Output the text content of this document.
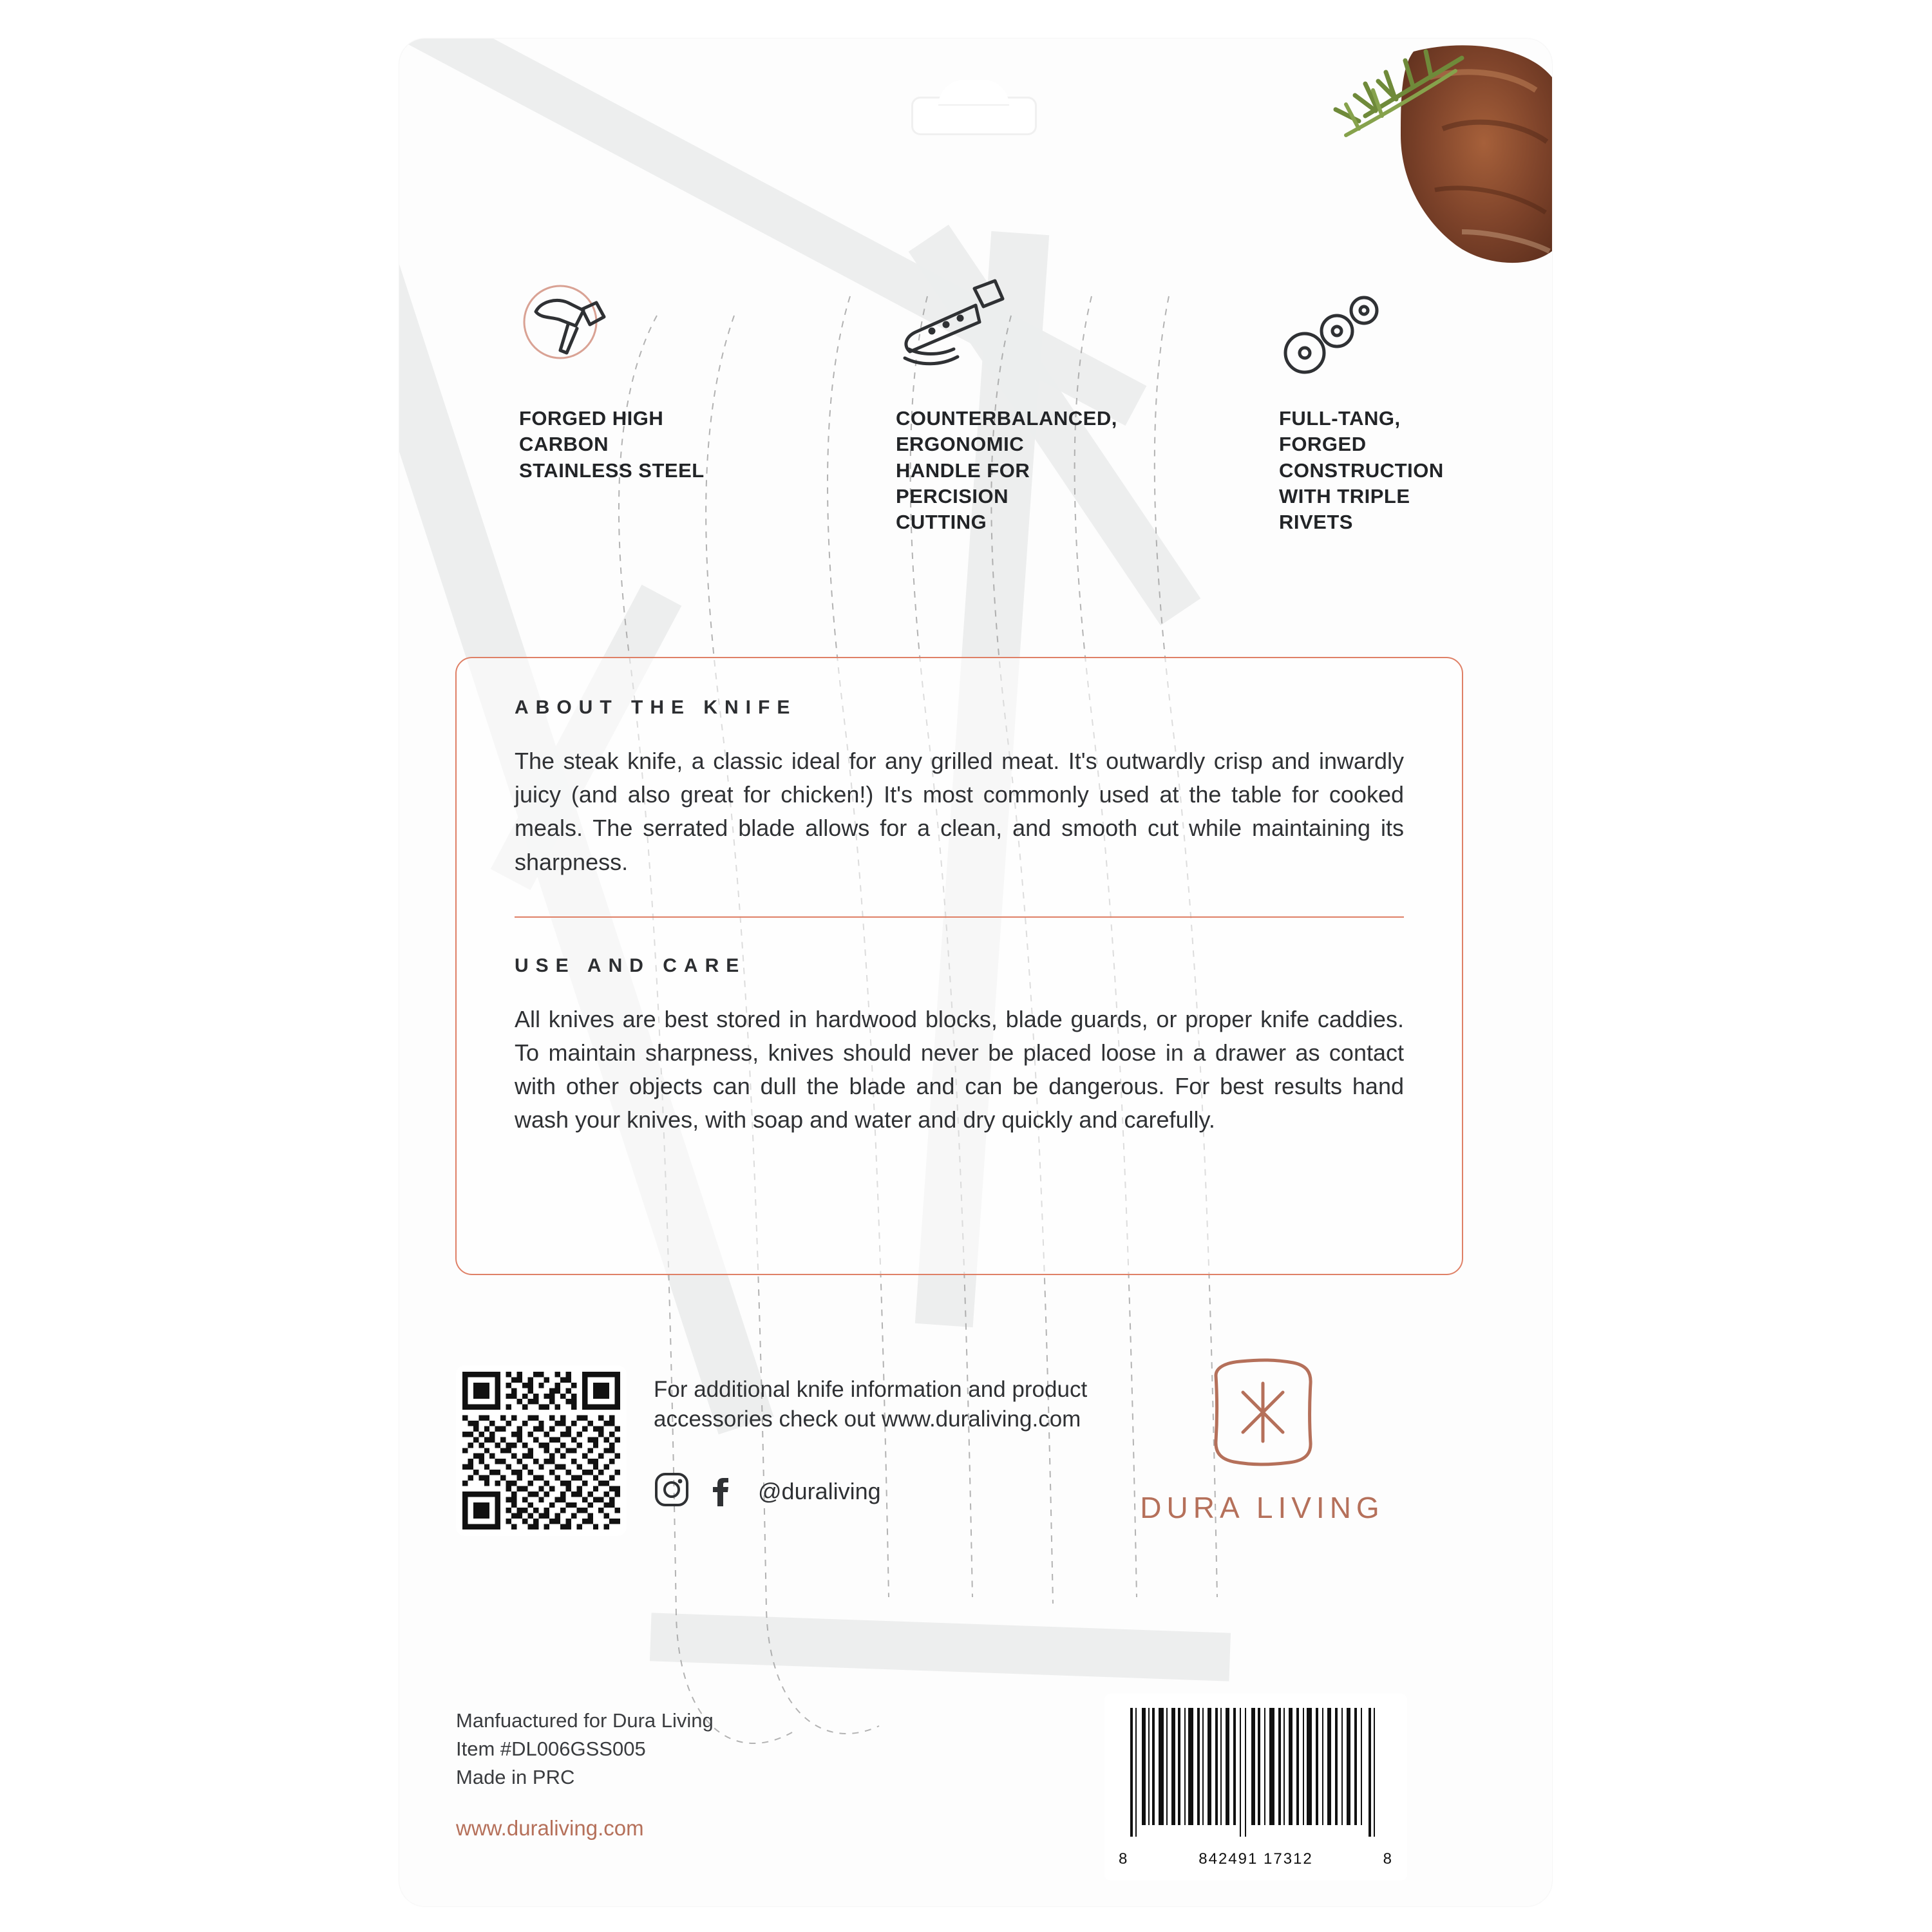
FORGED HIGH CARBON STAINLESS STEEL
COUNTERBALANCED, ERGONOMIC HANDLE FOR PERCISION CUTTING
FULL-TANG, FORGED CONSTRUCTION WITH TRIPLE RIVETS
ABOUT THE KNIFE
The steak knife, a classic ideal for any grilled meat. It's outwardly crisp and inwardly juicy (and also great for chicken!) It's most commonly used at the table for cooked meals. The serrated blade allows for a clean, and smooth cut while maintaining its sharpness.
USE AND CARE
All knives are best stored in hardwood blocks, blade guards, or proper knife caddies. To maintain sharpness, knives should never be placed loose in a drawer as contact with other objects can dull the blade and can be dangerous. For best results hand wash your knives, with soap and water and dry quickly and carefully.
For additional knife information and product accessories check out www.duraliving.com
@duraliving	DURA LIVING
Manfuactured for Dura Living
Item #DL006GSS005
Made in PRC
www.duraliving.com
8	842491 17312	8
